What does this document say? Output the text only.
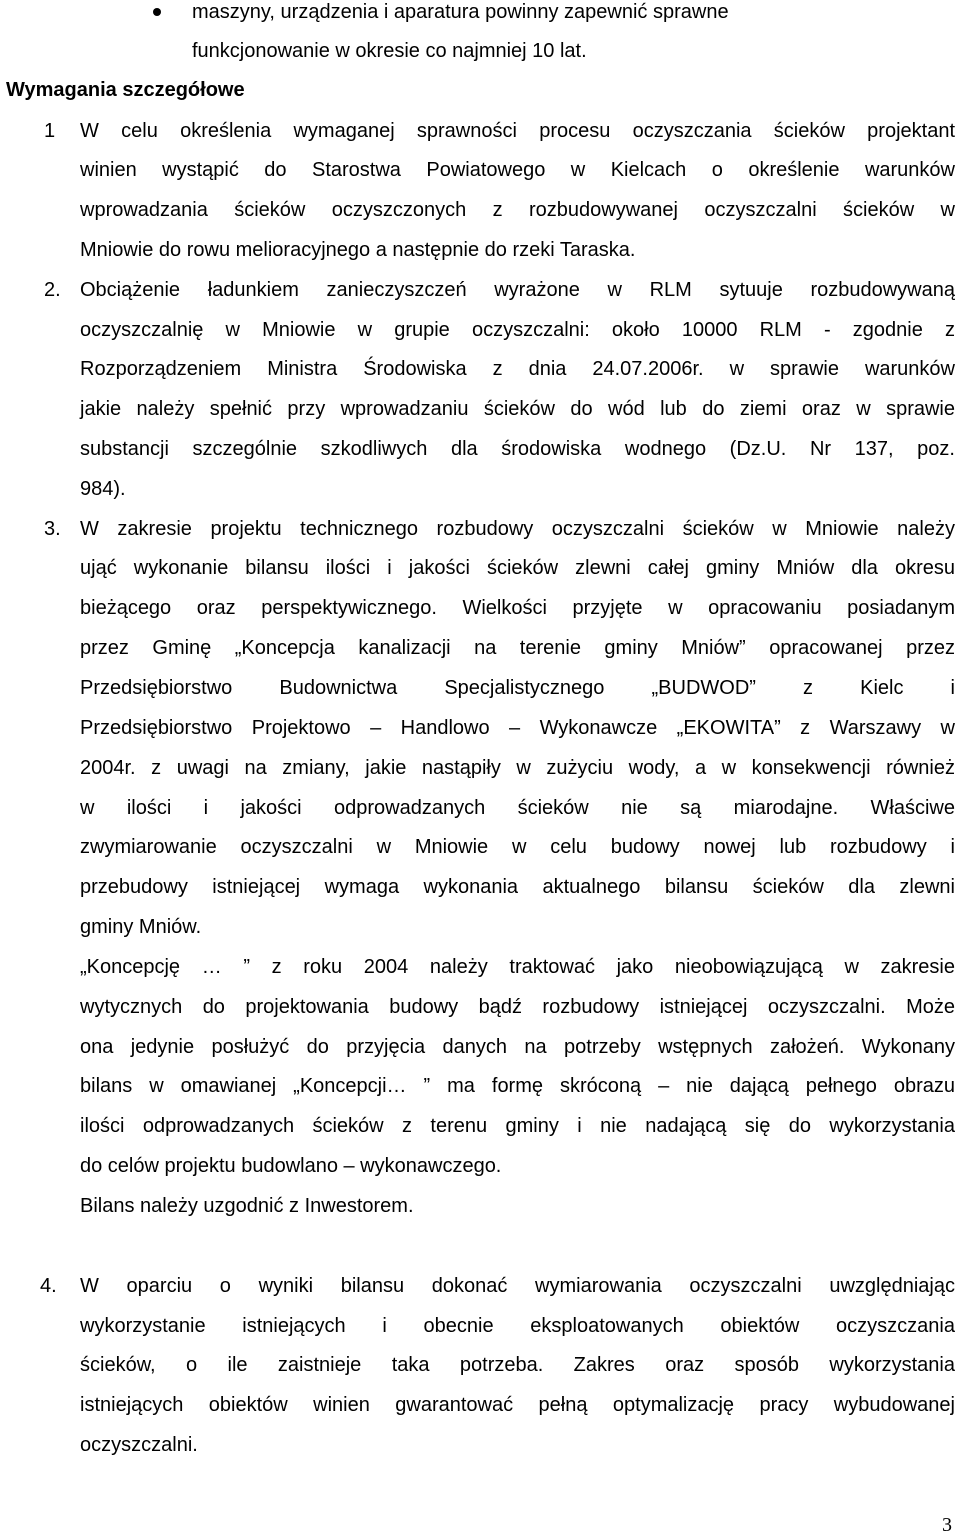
maszyny, urządzenia i aparatura powinny zapewnić sprawne
funkcjonowanie w okresie co najmniej 10 lat.
Wymagania szczegółowe
1 W celu określenia wymaganej sprawności procesu oczyszczania ścieków projektant
winien wystąpić do Starostwa Powiatowego w Kielcach o określenie warunków
wprowadzania ścieków oczyszczonych z rozbudowywanej oczyszczalni ścieków w
Mniowie do rowu melioracyjnego a następnie do rzeki Taraska.
2. Obciążenie ładunkiem zanieczyszczeń wyrażone w RLM sytuuje rozbudowywaną
oczyszczalnię w Mniowie w grupie oczyszczalni: około 10000 RLM - zgodnie z
Rozporządzeniem Ministra Środowiska z dnia 24.07.2006r. w sprawie warunków
jakie należy spełnić przy wprowadzaniu ścieków do wód lub do ziemi oraz w sprawie
substancji szczególnie szkodliwych dla środowiska wodnego (Dz.U. Nr 137, poz.
984).
3. W zakresie projektu technicznego rozbudowy oczyszczalni ścieków w Mniowie należy
ująć wykonanie bilansu ilości i jakości ścieków zlewni całej gminy Mniów dla okresu
bieżącego oraz perspektywicznego. Wielkości przyjęte w opracowaniu posiadanym
przez Gminę „Koncepcja kanalizacji na terenie gminy Mniów” opracowanej przez
Przedsiębiorstwo Budownictwa Specjalistycznego „BUDWOD” z Kielc i
Przedsiębiorstwo Projektowo – Handlowo – Wykonawcze „EKOWITA” z Warszawy w
2004r. z uwagi na zmiany, jakie nastąpiły w zużyciu wody, a w konsekwencji również
w ilości i jakości odprowadzanych ścieków nie są miarodajne. Właściwe
zwymiarowanie oczyszczalni w Mniowie w celu budowy nowej lub rozbudowy i
przebudowy istniejącej wymaga wykonania aktualnego bilansu ścieków dla zlewni
gminy Mniów.
„Koncepcję … ” z roku 2004 należy traktować jako nieobowiązującą w zakresie
wytycznych do projektowania budowy bądź rozbudowy istniejącej oczyszczalni. Może
ona jedynie posłużyć do przyjęcia danych na potrzeby wstępnych założeń. Wykonany
bilans w omawianej „Koncepcji… ” ma formę skróconą – nie dającą pełnego obrazu
ilości odprowadzanych ścieków z terenu gminy i nie nadającą się do wykorzystania
do celów projektu budowlano – wykonawczego.
Bilans należy uzgodnić z Inwestorem.
4. W oparciu o wyniki bilansu dokonać wymiarowania oczyszczalni uwzględniając
wykorzystanie istniejących i obecnie eksploatowanych obiektów oczyszczania
ścieków, o ile zaistnieje taka potrzeba. Zakres oraz sposób wykorzystania
istniejących obiektów winien gwarantować pełną optymalizację pracy wybudowanej
oczyszczalni.
3
